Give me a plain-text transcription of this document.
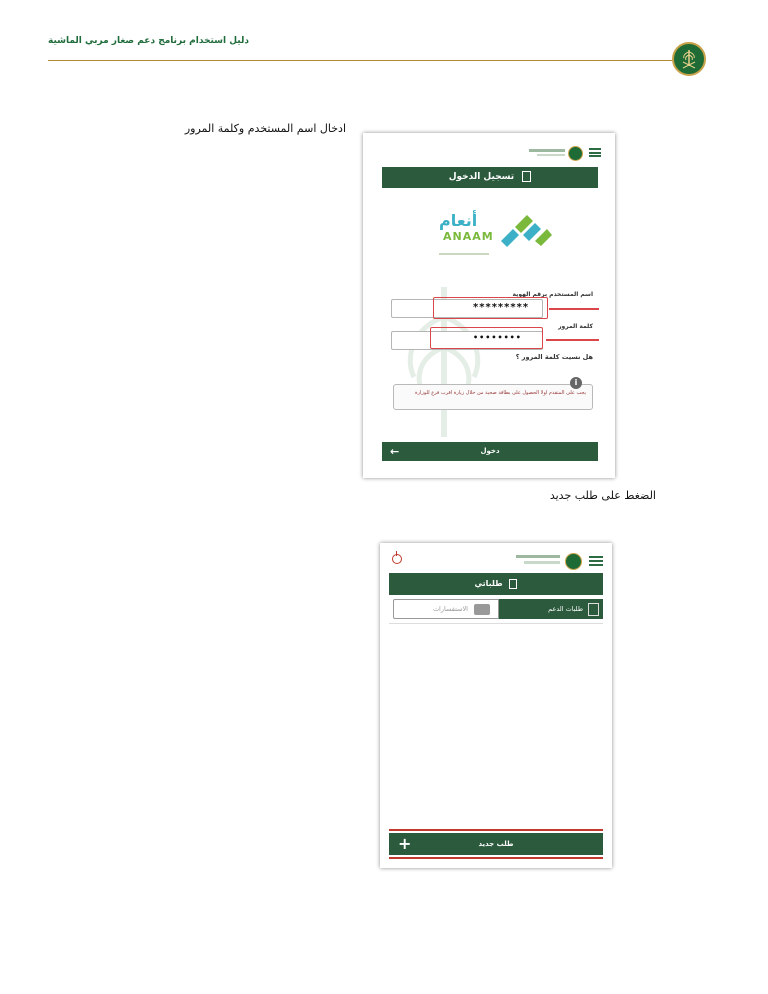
دليل استخدام برنامج دعم صغار مربي الماشية
ادخال اسم المستخدم وكلمة المرور
تسجيل الدخول
أنعام
ANAAM
اسم المستخدم برقم الهوية
*********
كلمة المرور
••••••••
هل نسيت كلمة المرور ؟
يجب على المتقدم اولا الحصول على بطاقة صحية من خلال زيارة اقرب فرع للوزارة
i
←	دخول
الضغط على طلب جديد
طلباتي
طلبات الدعم
الاستفسارات
+	طلب جديد
